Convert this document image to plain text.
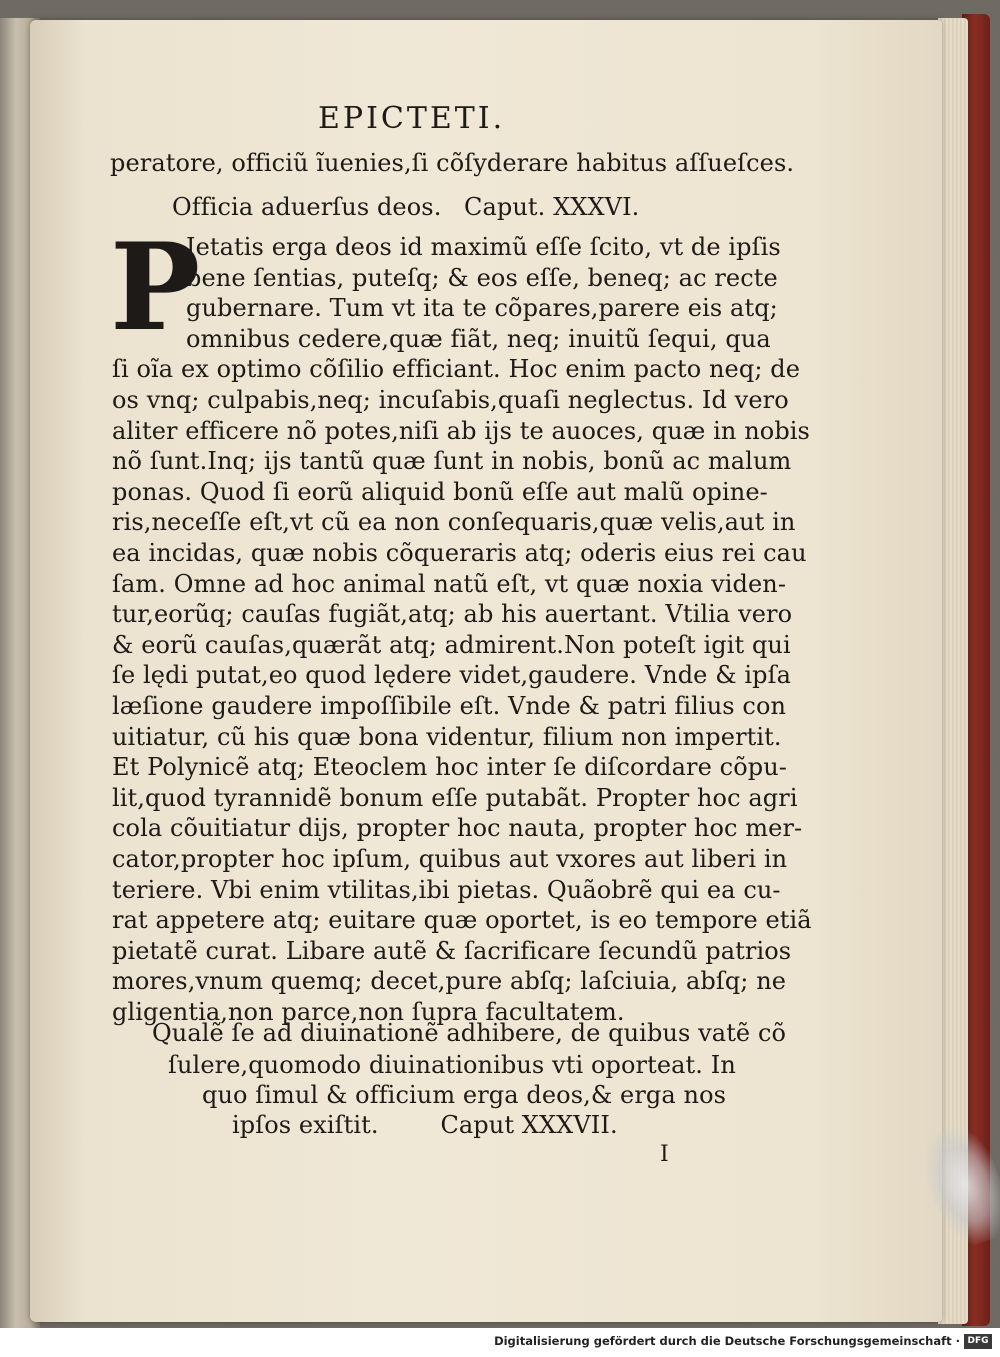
EPICTETI.
peratore, officiũ ĩuenies,ſi cõſyderare habitus aſſueſces.
Officia aduerſus deos. Caput. XXXVI.
P
Ietatis erga deos id maximũ eſſe ſcito, vt de ipſis
bene ſentias, puteſq; & eos eſſe, beneq; ac recte
gubernare. Tum vt ita te cõpares,parere eis atq;
omnibus cedere,quæ fiãt, neq; inuitũ ſequi, qua
ſi oĩa ex optimo cõſilio efficiant. Hoc enim pacto neq; de
os vnq; culpabis,neq; incuſabis,quaſi neglectus. Id vero
aliter efficere nõ potes,niſi ab ijs te auoces, quæ in nobis
nõ ſunt.Inq; ijs tantũ quæ ſunt in nobis, bonũ ac malum
ponas. Quod ſi eorũ aliquid bonũ eſſe aut malũ opine-
ris,neceſſe eſt,vt cũ ea non conſequaris,quæ velis,aut in
ea incidas, quæ nobis cõqueraris atq; oderis eius rei cau
ſam. Omne ad hoc animal natũ eſt, vt quæ noxia viden-
tur,eorũq; cauſas fugiãt,atq; ab his auertant. Vtilia vero
& eorũ cauſas,quærãt atq; admirent.Non poteſt igit qui
ſe lędi putat,eo quod lędere videt,gaudere. Vnde & ipſa
læſione gaudere impoſſibile eſt. Vnde & patri filius con
uitiatur, cũ his quæ bona videntur, filium non impertit.
Et Polynicẽ atq; Eteoclem hoc inter ſe diſcordare cõpu-
lit,quod tyrannidẽ bonum eſſe putabãt. Propter hoc agri
cola cõuitiatur dijs, propter hoc nauta, propter hoc mer-
cator,propter hoc ipſum, quibus aut vxores aut liberi in
teriere. Vbi enim vtilitas,ibi pietas. Quãobrẽ qui ea cu-
rat appetere atq; euitare quæ oportet, is eo tempore etiã
pietatẽ curat. Libare autẽ & ſacrificare ſecundũ patrios
mores,vnum quemq; decet,pure abſq; laſciuia, abſq; ne
gligentia,non parce,non ſupra facultatem.
Qualẽ ſe ad diuinationẽ adhibere, de quibus vatẽ cõ
ſulere,quomodo diuinationibus vti oporteat. In
quo ſimul & officium erga deos,& erga nos
ipſos exiſtit.        Caput XXXVII.
I
Digitalisierung gefördert durch die Deutsche Forschungsgemeinschaft · DFG
